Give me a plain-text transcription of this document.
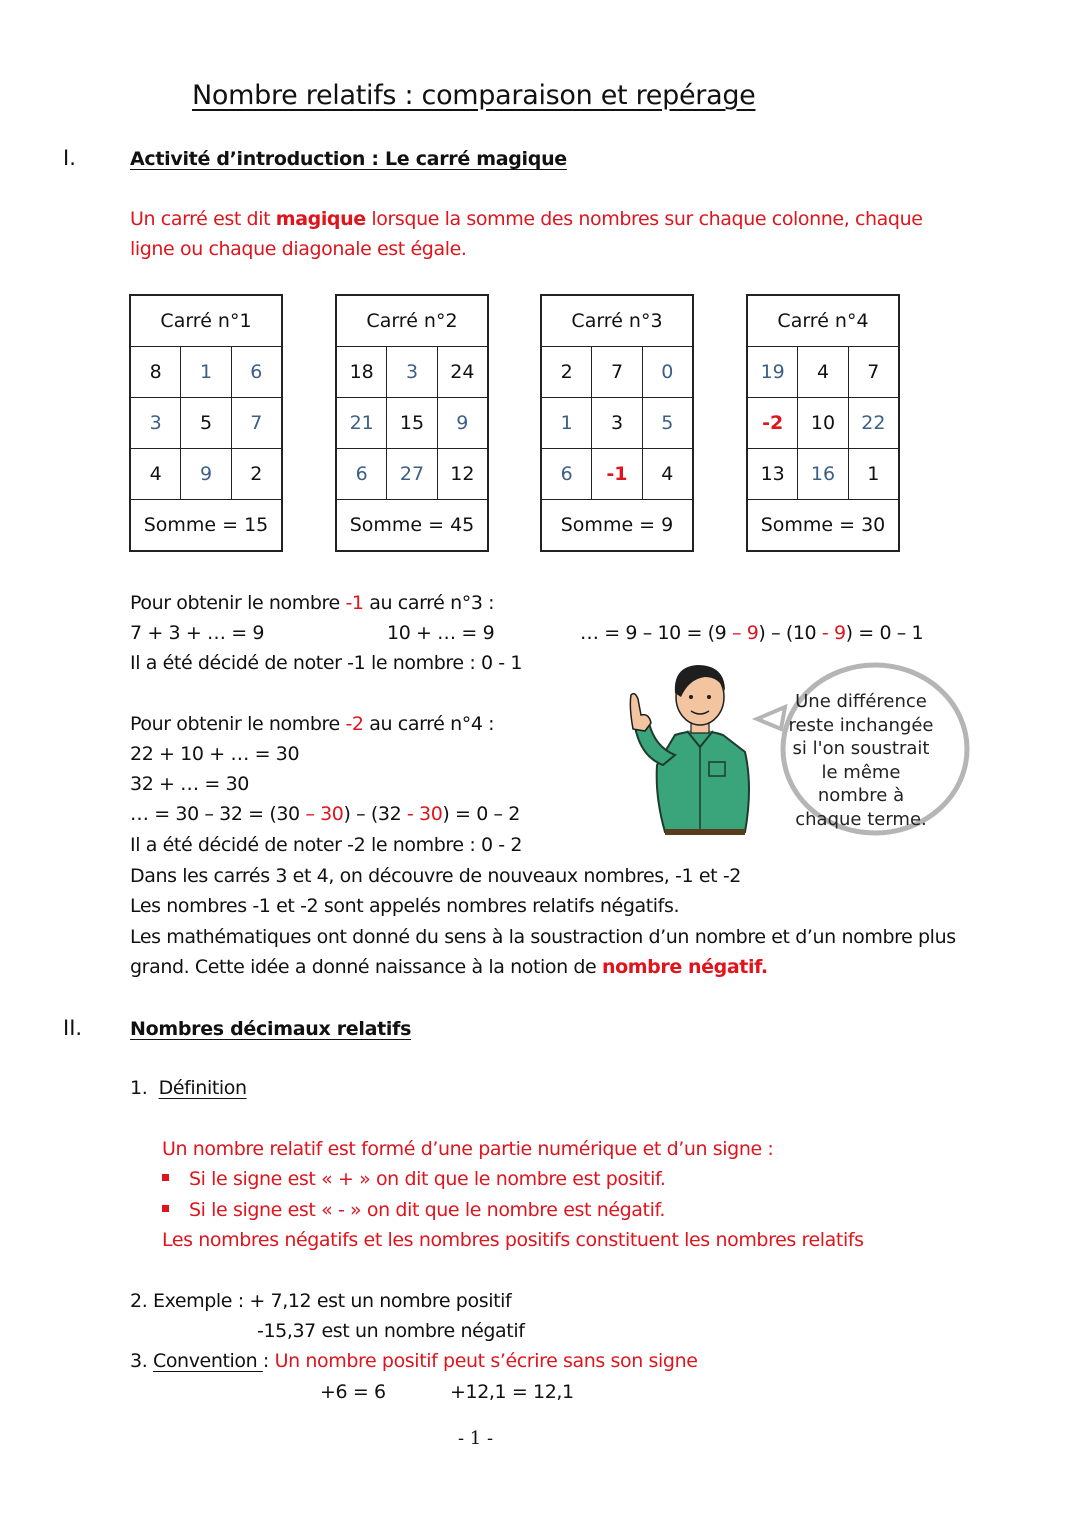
Nombre relatifs : comparaison et repérage
I.	Activité d’introduction : Le carré magique
Un carré est dit magique lorsque la somme des nombres sur chaque colonne, chaque
ligne ou chaque diagonale est égale.
Carré n°1		
8	1	6
3	5	7
4	9	2
Somme = 15		
Carré n°2		
18	3	24
21	15	9
6	27	12
Somme = 45		
Carré n°3		
2	7	0
1	3	5
6	-1	4
Somme = 9		
Carré n°4		
19	4	7
-2	10	22
13	16	1
Somme = 30		
Pour obtenir le nombre -1 au carré n°3 :
7 + 3 + … = 9	10 + … = 9	… = 9 – 10 = (9 – 9) – (10 - 9) = 0 – 1
Il a été décidé de noter -1 le nombre : 0 - 1
Pour obtenir le nombre -2 au carré n°4 :
22 + 10 + … = 30
32 + … = 30
… = 30 – 32 = (30 – 30) – (32 - 30) = 0 – 2
Il a été décidé de noter -2 le nombre : 0 - 2
Une différence reste inchangée si l'on soustrait le même nombre à chaque terme.
Dans les carrés 3 et 4, on découvre de nouveaux nombres, -1 et -2
Les nombres -1 et -2 sont appelés nombres relatifs négatifs.
Les mathématiques ont donné du sens à la soustraction d’un nombre et d’un nombre plus
grand. Cette idée a donné naissance à la notion de nombre négatif.
II.	Nombres décimaux relatifs
1. Définition
Un nombre relatif est formé d’une partie numérique et d’un signe :
Si le signe est « + » on dit que le nombre est positif.
Si le signe est « - » on dit que le nombre est négatif.
Les nombres négatifs et les nombres positifs constituent les nombres relatifs
2. Exemple : + 7,12 est un nombre positif
-15,37 est un nombre négatif
3. Convention : Un nombre positif peut s’écrire sans son signe
+6 = 6	+12,1 = 12,1
- 1 -
